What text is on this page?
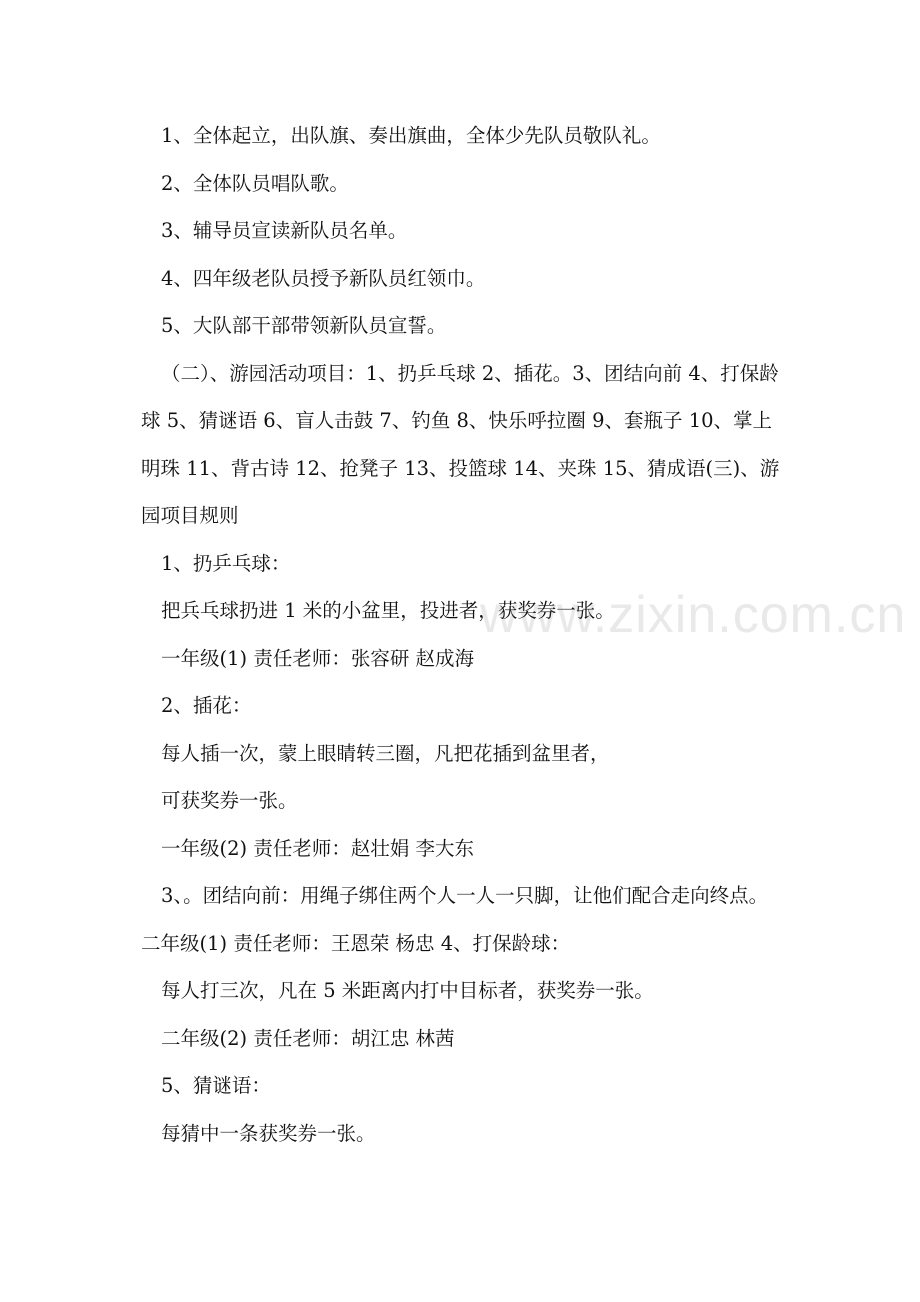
1、全体起立，出队旗、奏出旗曲，全体少先队员敬队礼。

2、全体队员唱队歌。

3、辅导员宣读新队员名单。

4、四年级老队员授予新队员红领巾。

5、大队部干部带领新队员宣誓。

（二）、游园活动项目：1、扔乒乓球 2、插花。3、团结向前 4、打保龄球 5、猜谜语 6、盲人击鼓 7、钓鱼 8、快乐呼拉圈 9、套瓶子 10、掌上明珠 11、背古诗 12、抢凳子 13、投篮球 14、夹珠 15、猜成语(三)、游园项目规则

1、扔乒乓球：

把兵乓球扔进 1 米的小盆里，投进者，获奖券一张。

一年级(1) 责任老师：张容研 赵成海

2、插花：

每人插一次，蒙上眼睛转三圈，凡把花插到盆里者，

可获奖券一张。

一年级(2) 责任老师：赵壮娟 李大东

3、。团结向前：用绳子绑住两个人一人一只脚，让他们配合走向终点。二年级(1) 责任老师：王恩荣 杨忠 4、打保龄球：

每人打三次，凡在 5 米距离内打中目标者，获奖券一张。

二年级(2) 责任老师：胡江忠 林茜

5、猜谜语：

每猜中一条获奖券一张。

www.zixin.com.cn
